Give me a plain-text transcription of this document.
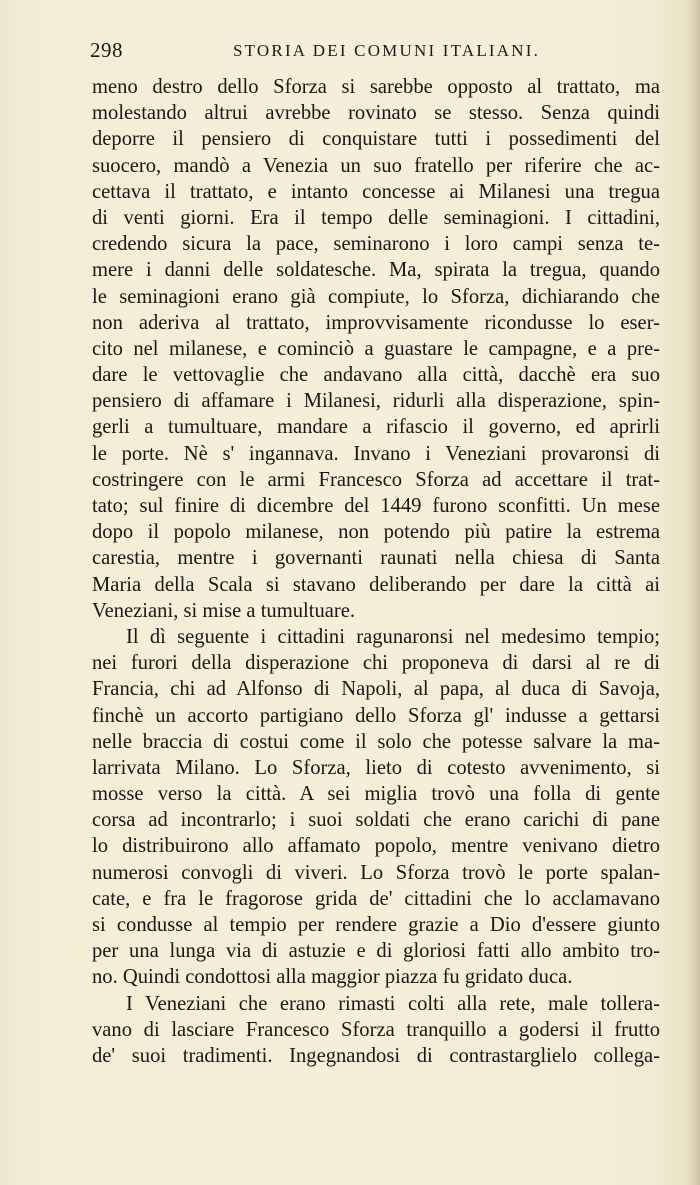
298	STORIA DEI COMUNI ITALIANI.
meno destro dello Sforza si sarebbe opposto al trattato, ma
molestando altrui avrebbe rovinato se stesso. Senza quindi
deporre il pensiero di conquistare tutti i possedimenti del
suocero, mandò a Venezia un suo fratello per riferire che ac-
cettava il trattato, e intanto concesse ai Milanesi una tregua
di venti giorni. Era il tempo delle seminagioni. I cittadini,
credendo sicura la pace, seminarono i loro campi senza te-
mere i danni delle soldatesche. Ma, spirata la tregua, quando
le seminagioni erano già compiute, lo Sforza, dichiarando che
non aderiva al trattato, improvvisamente ricondusse lo eser-
cito nel milanese, e cominciò a guastare le campagne, e a pre-
dare le vettovaglie che andavano alla città, dacchè era suo
pensiero di affamare i Milanesi, ridurli alla disperazione, spin-
gerli a tumultuare, mandare a rifascio il governo, ed aprirli
le porte. Nè s' ingannava. Invano i Veneziani provaronsi di
costringere con le armi Francesco Sforza ad accettare il trat-
tato; sul finire di dicembre del 1449 furono sconfitti. Un mese
dopo il popolo milanese, non potendo più patire la estrema
carestia, mentre i governanti raunati nella chiesa di Santa
Maria della Scala si stavano deliberando per dare la città ai
Veneziani, si mise a tumultuare.
Il dì seguente i cittadini ragunaronsi nel medesimo tempio;
nei furori della disperazione chi proponeva di darsi al re di
Francia, chi ad Alfonso di Napoli, al papa, al duca di Savoja,
finchè un accorto partigiano dello Sforza gl' indusse a gettarsi
nelle braccia di costui come il solo che potesse salvare la ma-
larrivata Milano. Lo Sforza, lieto di cotesto avvenimento, si
mosse verso la città. A sei miglia trovò una folla di gente
corsa ad incontrarlo; i suoi soldati che erano carichi di pane
lo distribuirono allo affamato popolo, mentre venivano dietro
numerosi convogli di viveri. Lo Sforza trovò le porte spalan-
cate, e fra le fragorose grida de' cittadini che lo acclamavano
si condusse al tempio per rendere grazie a Dio d'essere giunto
per una lunga via di astuzie e di gloriosi fatti allo ambito tro-
no. Quindi condottosi alla maggior piazza fu gridato duca.
I Veneziani che erano rimasti colti alla rete, male tollera-
vano di lasciare Francesco Sforza tranquillo a godersi il frutto
de' suoi tradimenti. Ingegnandosi di contrastarglielo collega-
